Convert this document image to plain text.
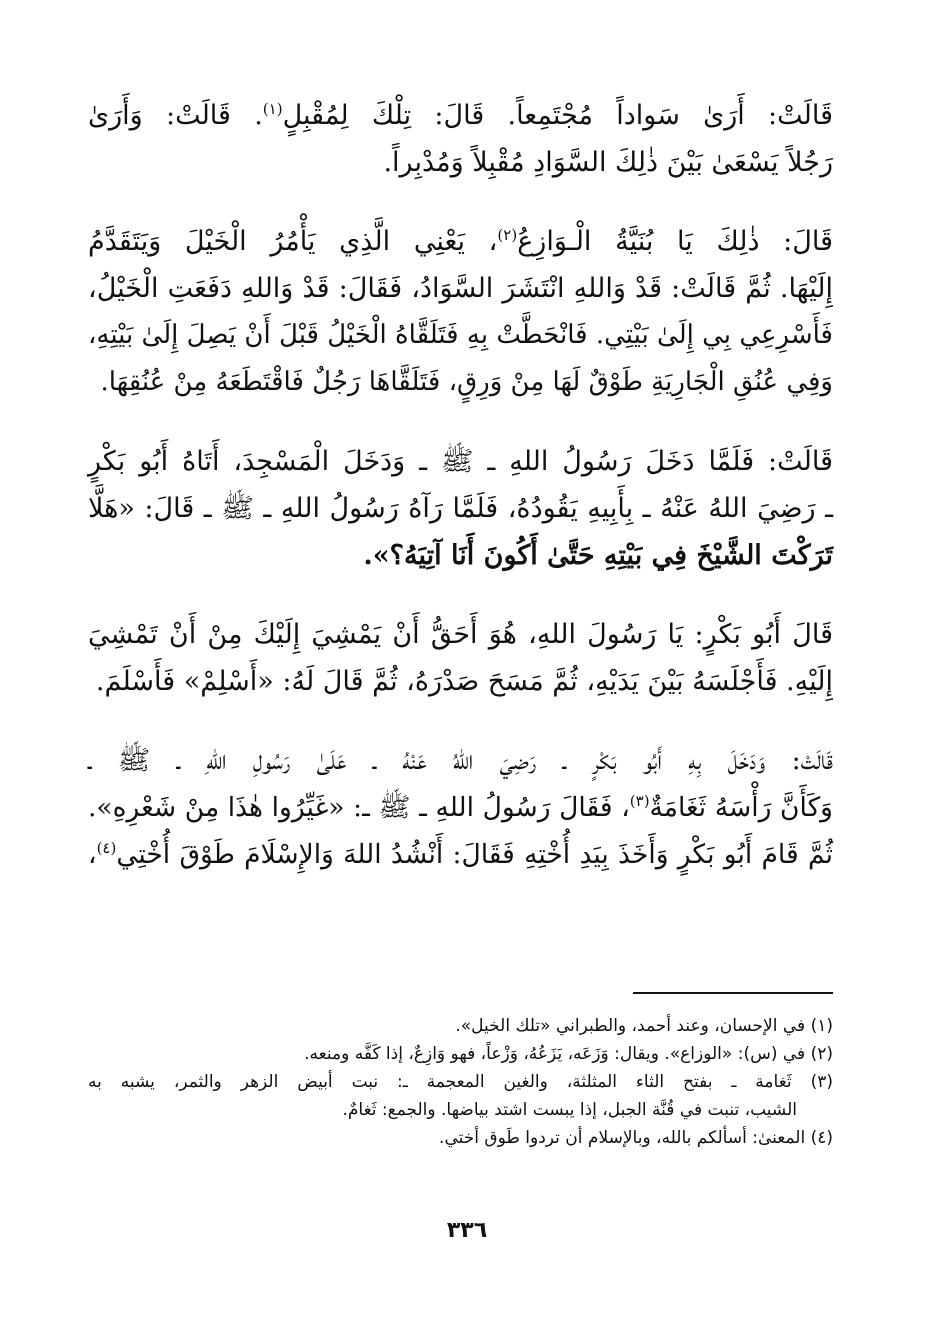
قَالَتْ: أَرَىٰ سَواداً مُجْتَمِعاً. قَالَ: تِلْكَ لِمُقْبِلٍ$^{(١)}$. قَالَتْ: وَأَرَىٰ
رَجُلاً يَسْعَىٰ بَيْنَ ذٰلِكَ السَّوَادِ مُقْبِلاً وَمُدْبِراً.
قَالَ: ذٰلِكَ يَا بُنَيَّةُ الْـوَازِعُ$^{(٢)}$، يَعْنِي الَّذِي يَأْمُرُ الْخَيْلَ وَيَتَقَدَّمُ
إِلَيْهَا. ثُمَّ قَالَتْ: قَدْ وَاللهِ انْتَشَرَ السَّوَادُ، فَقَالَ: قَدْ وَاللهِ دَفَعَتِ الْخَيْلُ،
فَأَسْرِعِي بِي إِلَىٰ بَيْتِي. فَانْحَطَّتْ بِهِ فَتَلَقَّاهُ الْخَيْلُ قَبْلَ أَنْ يَصِلَ إِلَىٰ بَيْتِهِ،
وَفِي عُنُقِ الْجَارِيَةِ طَوْقٌ لَهَا مِنْ وَرِقٍ، فَتَلَقَّاهَا رَجُلٌ فَاقْتَطَعَهُ مِنْ عُنُقِهَا.
قَالَتْ: فَلَمَّا دَخَلَ رَسُولُ اللهِ ـ ﷺ ـ وَدَخَلَ الْمَسْجِدَ، أَتَاهُ أَبُو بَكْرٍ
ـ رَضِيَ اللهُ عَنْهُ ـ بِأَبِيهِ يَقُودُهُ، فَلَمَّا رَآهُ رَسُولُ اللهِ ـ ﷺ ـ قَالَ: «هَلَّا
تَرَكْتَ الشَّيْخَ فِي بَيْتِهِ حَتَّىٰ أَكُونَ أَنَا آتِيَهُ؟».
قَالَ أَبُو بَكْرٍ: يَا رَسُولَ اللهِ، هُوَ أَحَقُّ أَنْ يَمْشِيَ إِلَيْكَ مِنْ أَنْ تَمْشِيَ
إِلَيْهِ. فَأَجْلَسَهُ بَيْنَ يَدَيْهِ، ثُمَّ مَسَحَ صَدْرَهُ، ثُمَّ قَالَ لَهُ: «أَسْلِمْ» فَأَسْلَمَ.
قَالَتْ: وَدَخَلَ بِهِ أَبُو بَكْرٍ ـ رَضِيَ اللهُ عَنْهُ ـ عَلَىٰ رَسُولِ اللهِ ـ ﷺ ـ
وَكَأَنَّ رَأْسَهُ ثَغَامَةٌ$^{(٣)}$، فَقَالَ رَسُولُ اللهِ ـ ﷺ ـ: «غَيِّرُوا هٰذَا مِنْ شَعْرِهِ».
ثُمَّ قَامَ أَبُو بَكْرٍ وَأَخَذَ بِيَدِ أُخْتِهِ فَقَالَ: أَنْشُدُ اللهَ وَالإِسْلَامَ طَوْقَ أُخْتِي$^{(٤)}$،
(١) في الإحسان، وعند أحمد، والطبراني «تلك الخيل».
(٢) في (س): «الوزاع». ويقال: وَزَعَه، يَزَعُهُ، وَزْعاً، فهو وَازِعٌ، إذا كَفَّه ومنعه.
(٣) ثَغامة ـ بفتح الثاء المثلثة، والغين المعجمة ـ: نبت أبيض الزهر والثمر، يشبه به
الشيب، تنبت في قُنَّة الجبل، إذا يبست اشتد بياضها. والجمع: ثَغامٌ.
(٤) المعنىٰ: أسألكم بالله، وبالإسلام أن تردوا طَوق أختي.
٣٣٦
